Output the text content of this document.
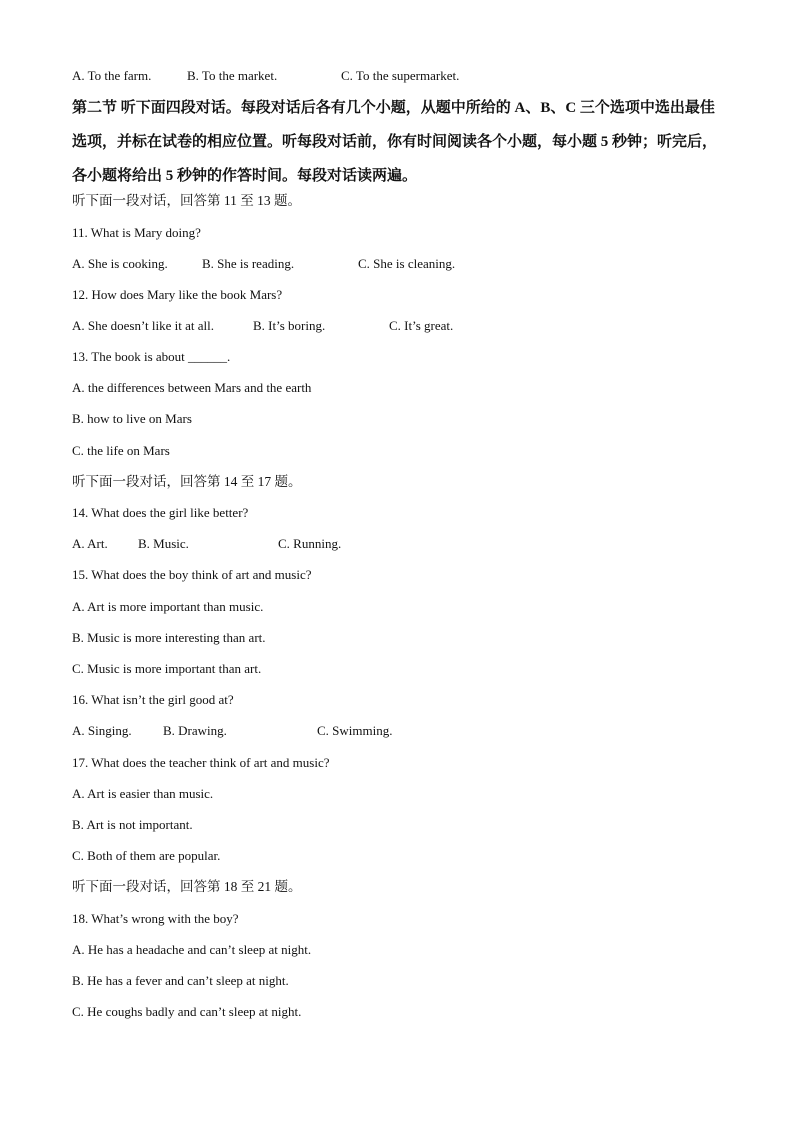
A. To the farm.	B. To the market.	C. To the supermarket.
第二节 听下面四段对话。每段对话后各有几个小题，从题中所给的 A、B、C 三个选项中选出最佳选项，并标在试卷的相应位置。听每段对话前，你有时间阅读各个小题，每小题 5 秒钟；听完后，各小题将给出 5 秒钟的作答时间。每段对话读两遍。
听下面一段对话，回答第 11 至 13 题。
11. What is Mary doing?
A. She is cooking.	B. She is reading.	C. She is cleaning.
12. How does Mary like the book Mars?
A. She doesn’t like it at all.	B. It’s boring.	C. It’s great.
13. The book is about ______.
A. the differences between Mars and the earth
B. how to live on Mars
C. the life on Mars
听下面一段对话，回答第 14 至 17 题。
14. What does the girl like better?
A. Art. B. Music.	C. Running.
15. What does the boy think of art and music?
A. Art is more important than music.
B. Music is more interesting than art.
C. Music is more important than art.
16. What isn’t the girl good at?
A. Singing. B. Drawing.	C. Swimming.
17. What does the teacher think of art and music?
A. Art is easier than music.
B. Art is not important.
C. Both of them are popular.
听下面一段对话，回答第 18 至 21 题。
18. What’s wrong with the boy?
A. He has a headache and can’t sleep at night.
B. He has a fever and can’t sleep at night.
C. He coughs badly and can’t sleep at night.
